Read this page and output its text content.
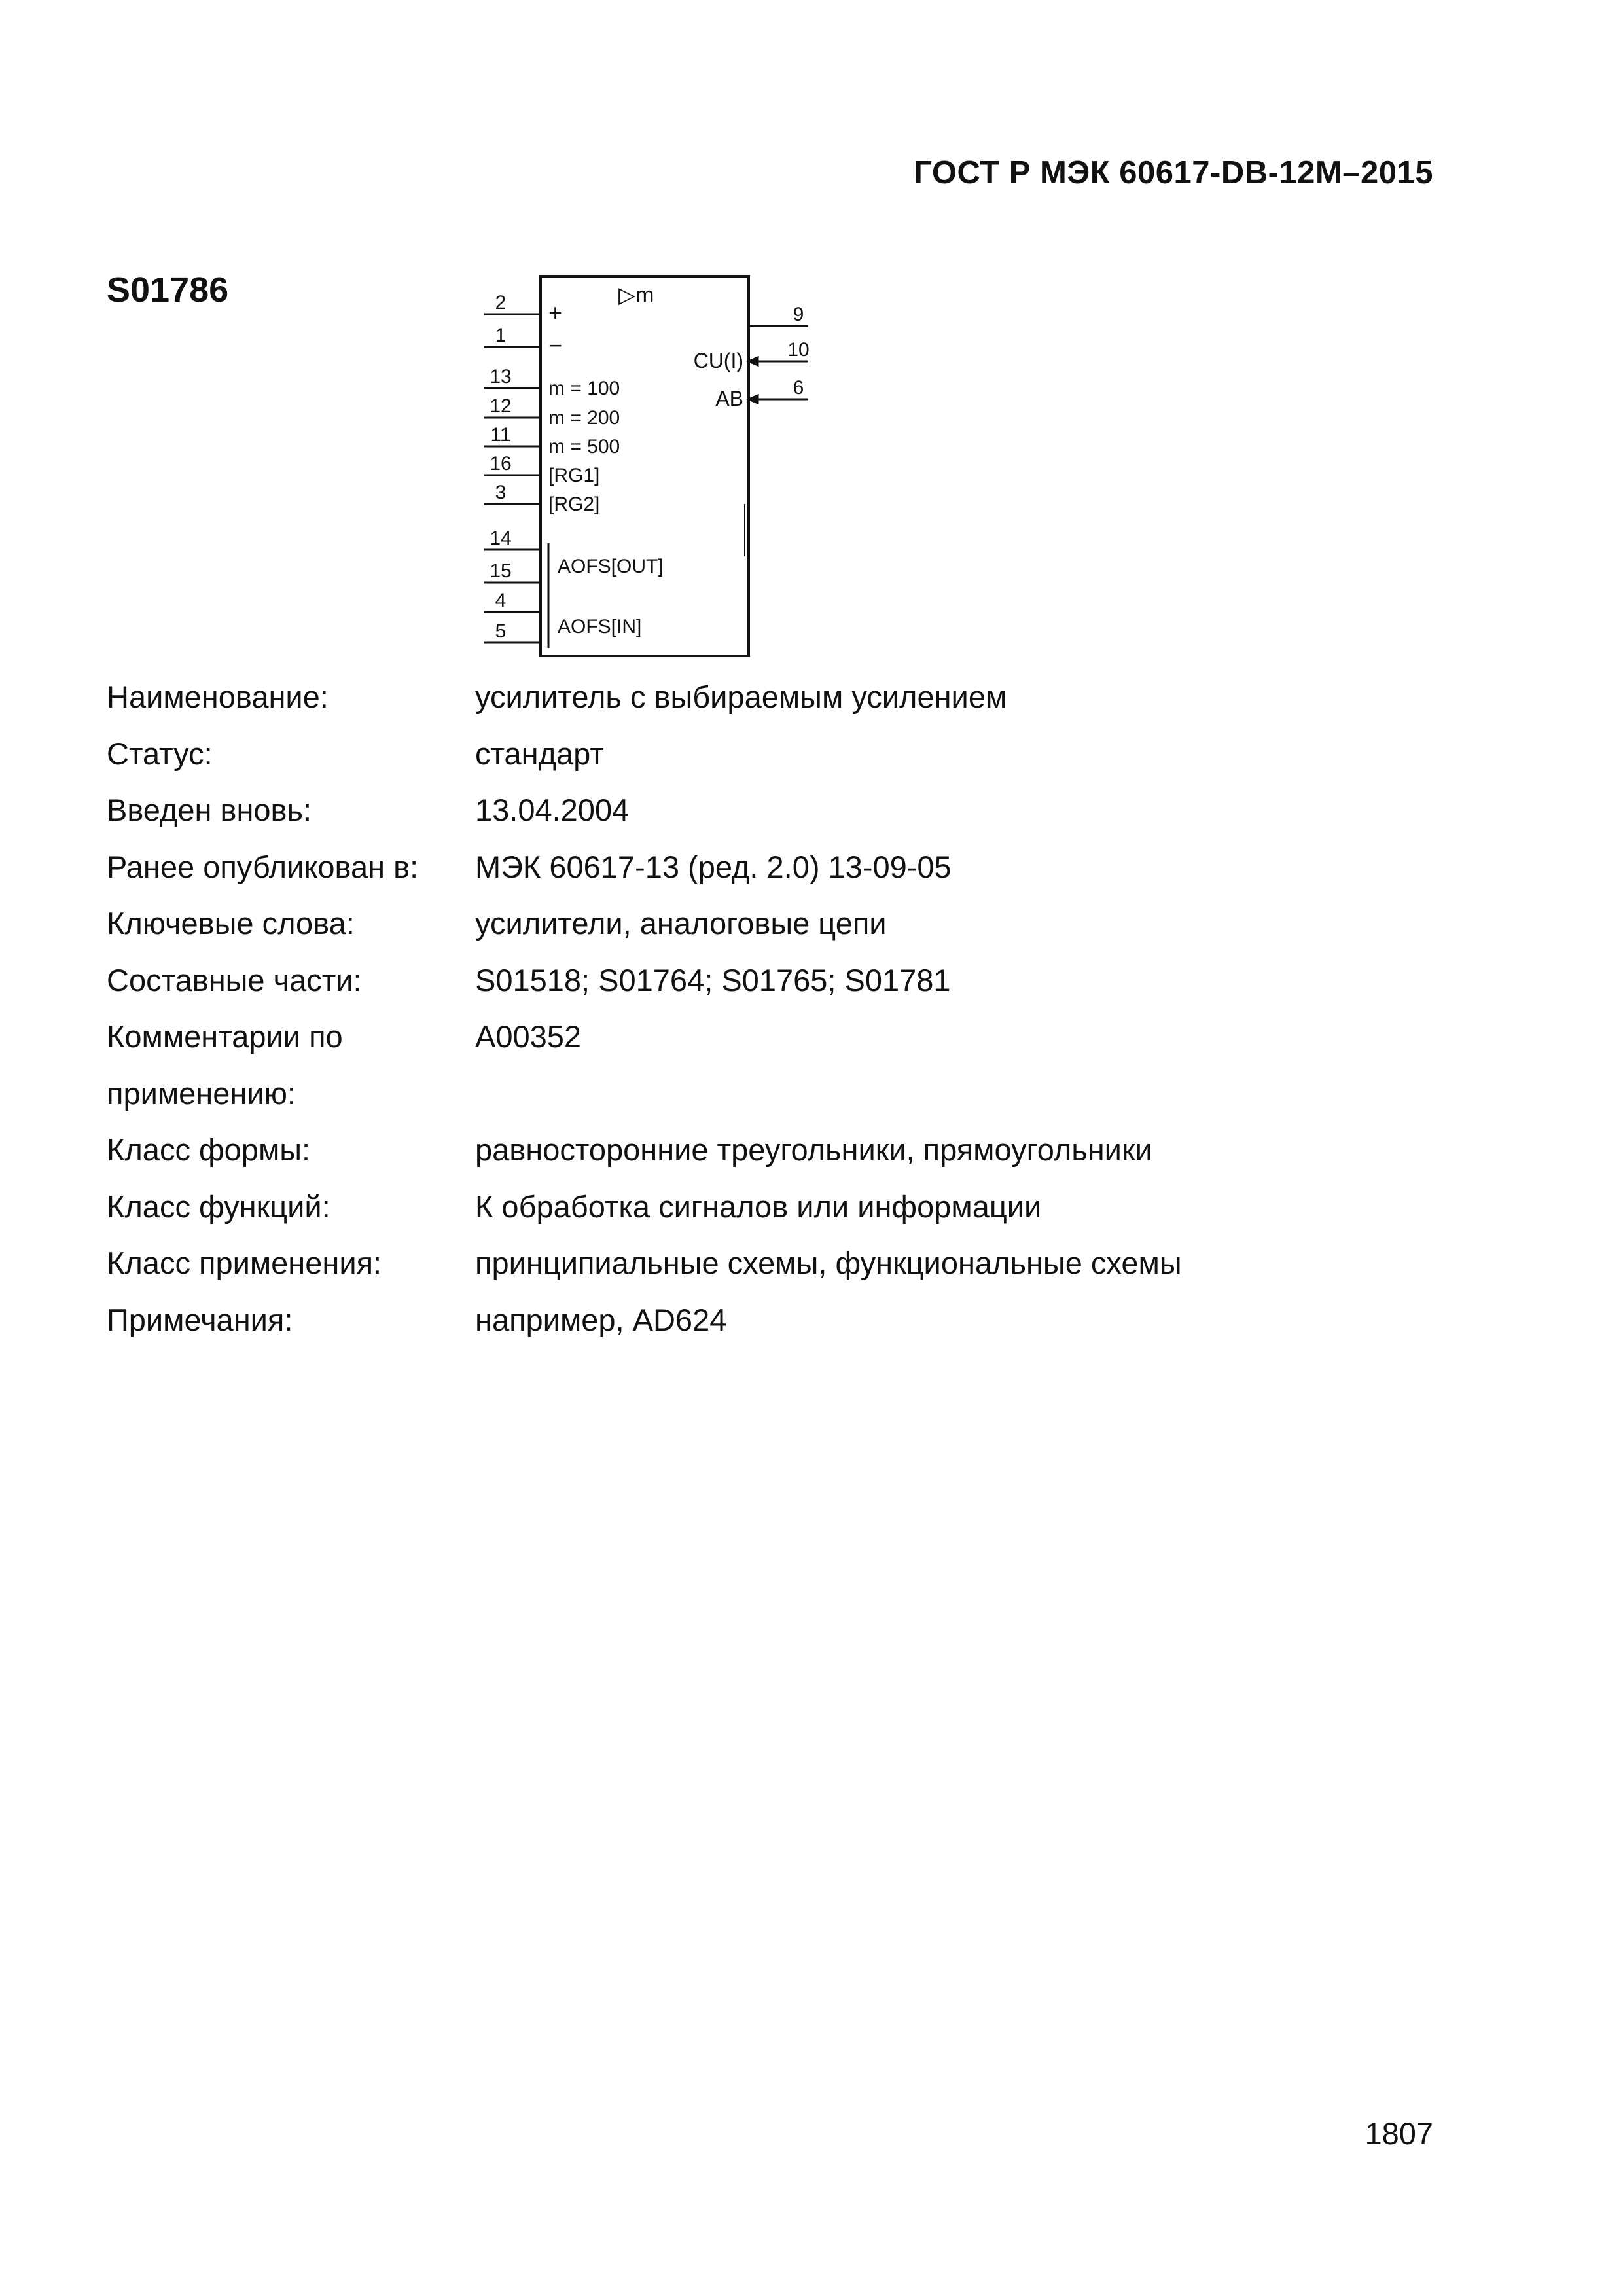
ГОСТ Р МЭК 60617-DB-12M–2015
S01786	2
1
13
12
11
16
3
14
15
4
5
9
10
6
▷m
+
−
m = 100
m = 200
m = 500
[RG1]
[RG2]
AOFS[OUT]
AOFS[IN]
CU(I)
AB
Наименование:	усилитель с выбираемым усилением
Статус:	стандарт
Введен вновь:	13.04.2004
Ранее опубликован в:	МЭК 60617-13 (ред. 2.0) 13-09-05
Ключевые слова:	усилители, аналоговые цепи
Составные части:	S01518; S01764; S01765; S01781
Комментарии по	A00352
применению:
Класс формы:	равносторонние треугольники, прямоугольники
Класс функций:	К обработка сигналов или информации
Класс применения:	принципиальные схемы, функциональные схемы
Примечания:	например, AD624
1807
